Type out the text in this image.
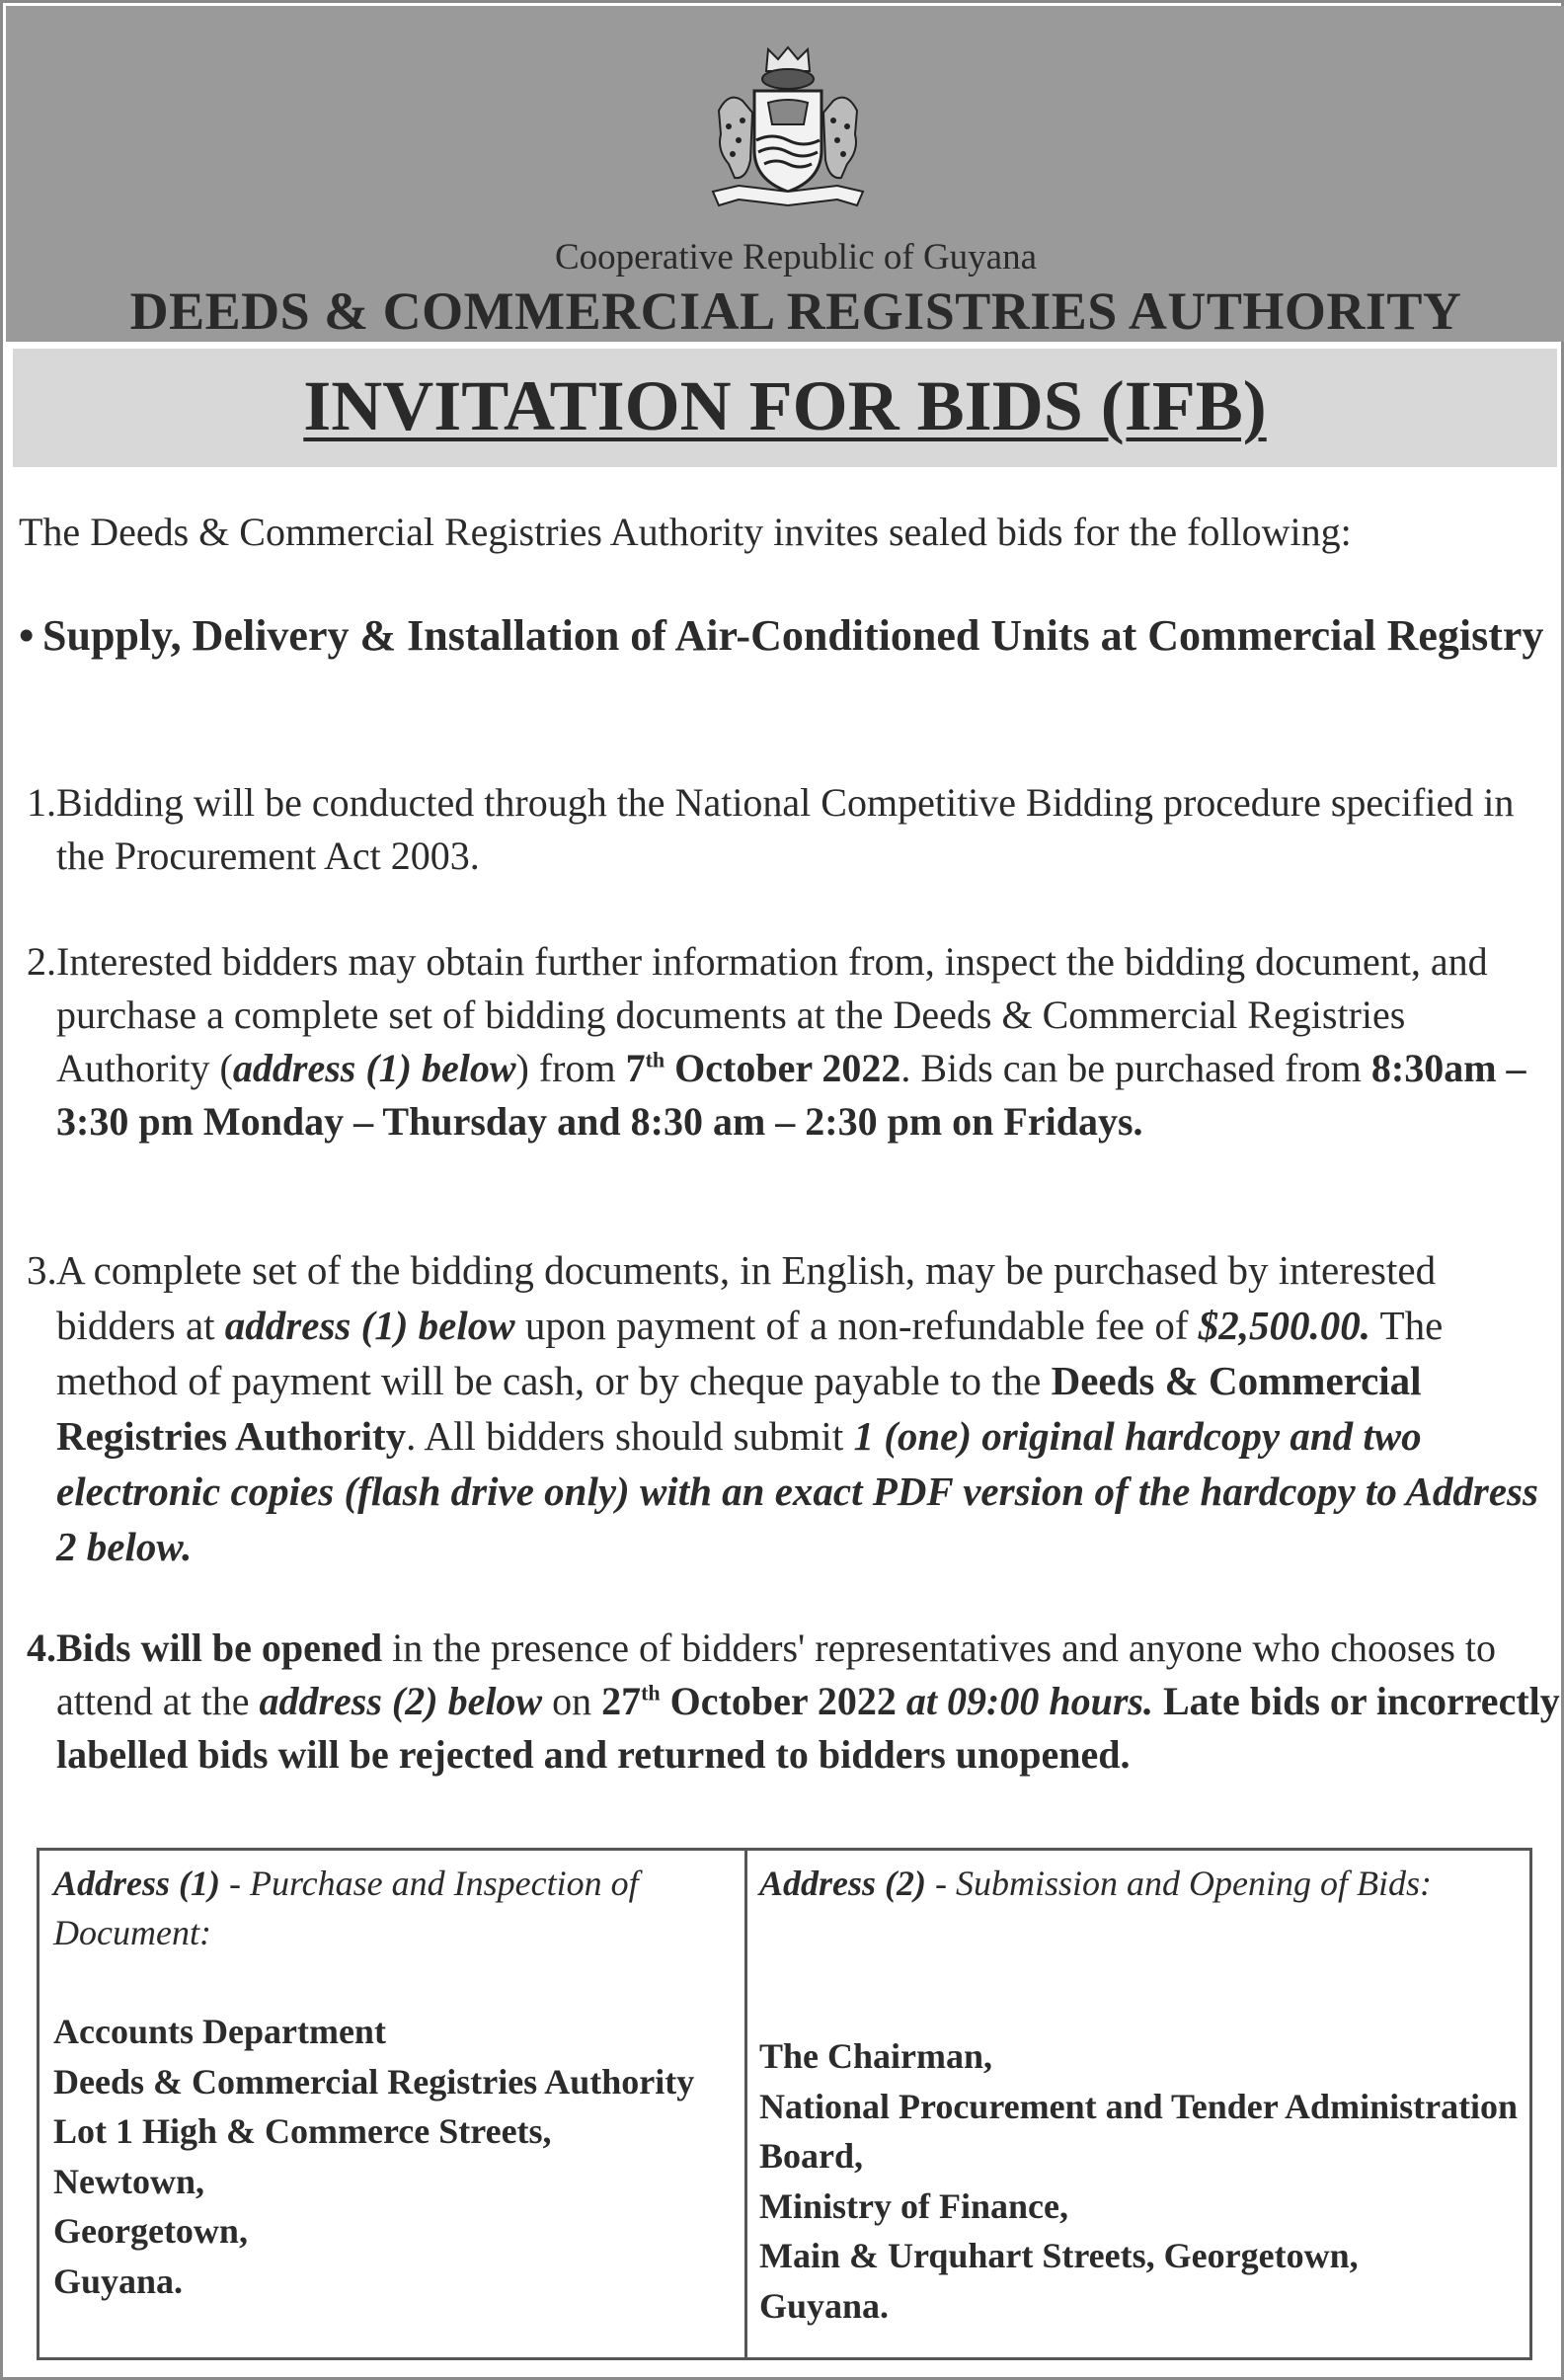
Cooperative Republic of Guyana
DEEDS & COMMERCIAL REGISTRIES AUTHORITY
INVITATION FOR BIDS (IFB)
The Deeds & Commercial Registries Authority invites sealed bids for the following:
• Supply, Delivery & Installation of Air-Conditioned Units at Commercial Registry
1. Bidding will be conducted through the National Competitive Bidding procedure specified in the Procurement Act 2003.
2. Interested bidders may obtain further information from, inspect the bidding document, and purchase a complete set of bidding documents at the Deeds & Commercial Registries Authority (address (1) below) from 7th October 2022. Bids can be purchased from 8:30am – 3:30 pm Monday – Thursday and 8:30 am – 2:30 pm on Fridays.
3. A complete set of the bidding documents, in English, may be purchased by interested bidders at address (1) below upon payment of a non-refundable fee of $2,500.00. The method of payment will be cash, or by cheque payable to the Deeds & Commercial Registries Authority. All bidders should submit 1 (one) original hardcopy and two electronic copies (flash drive only) with an exact PDF version of the hardcopy to Address 2 below.
4. Bids will be opened in the presence of bidders' representatives and anyone who chooses to attend at the address (2) below on 27th October 2022 at 09:00 hours. Late bids or incorrectly labelled bids will be rejected and returned to bidders unopened.
Address (1) - Purchase and Inspection of Document:
Accounts Department
Deeds & Commercial Registries Authority
Lot 1 High & Commerce Streets,
Newtown,
Georgetown,
Guyana.
Address (2) - Submission and Opening of Bids:
The Chairman,
National Procurement and Tender Administration Board,
Ministry of Finance,
Main & Urquhart Streets, Georgetown,
Guyana.
